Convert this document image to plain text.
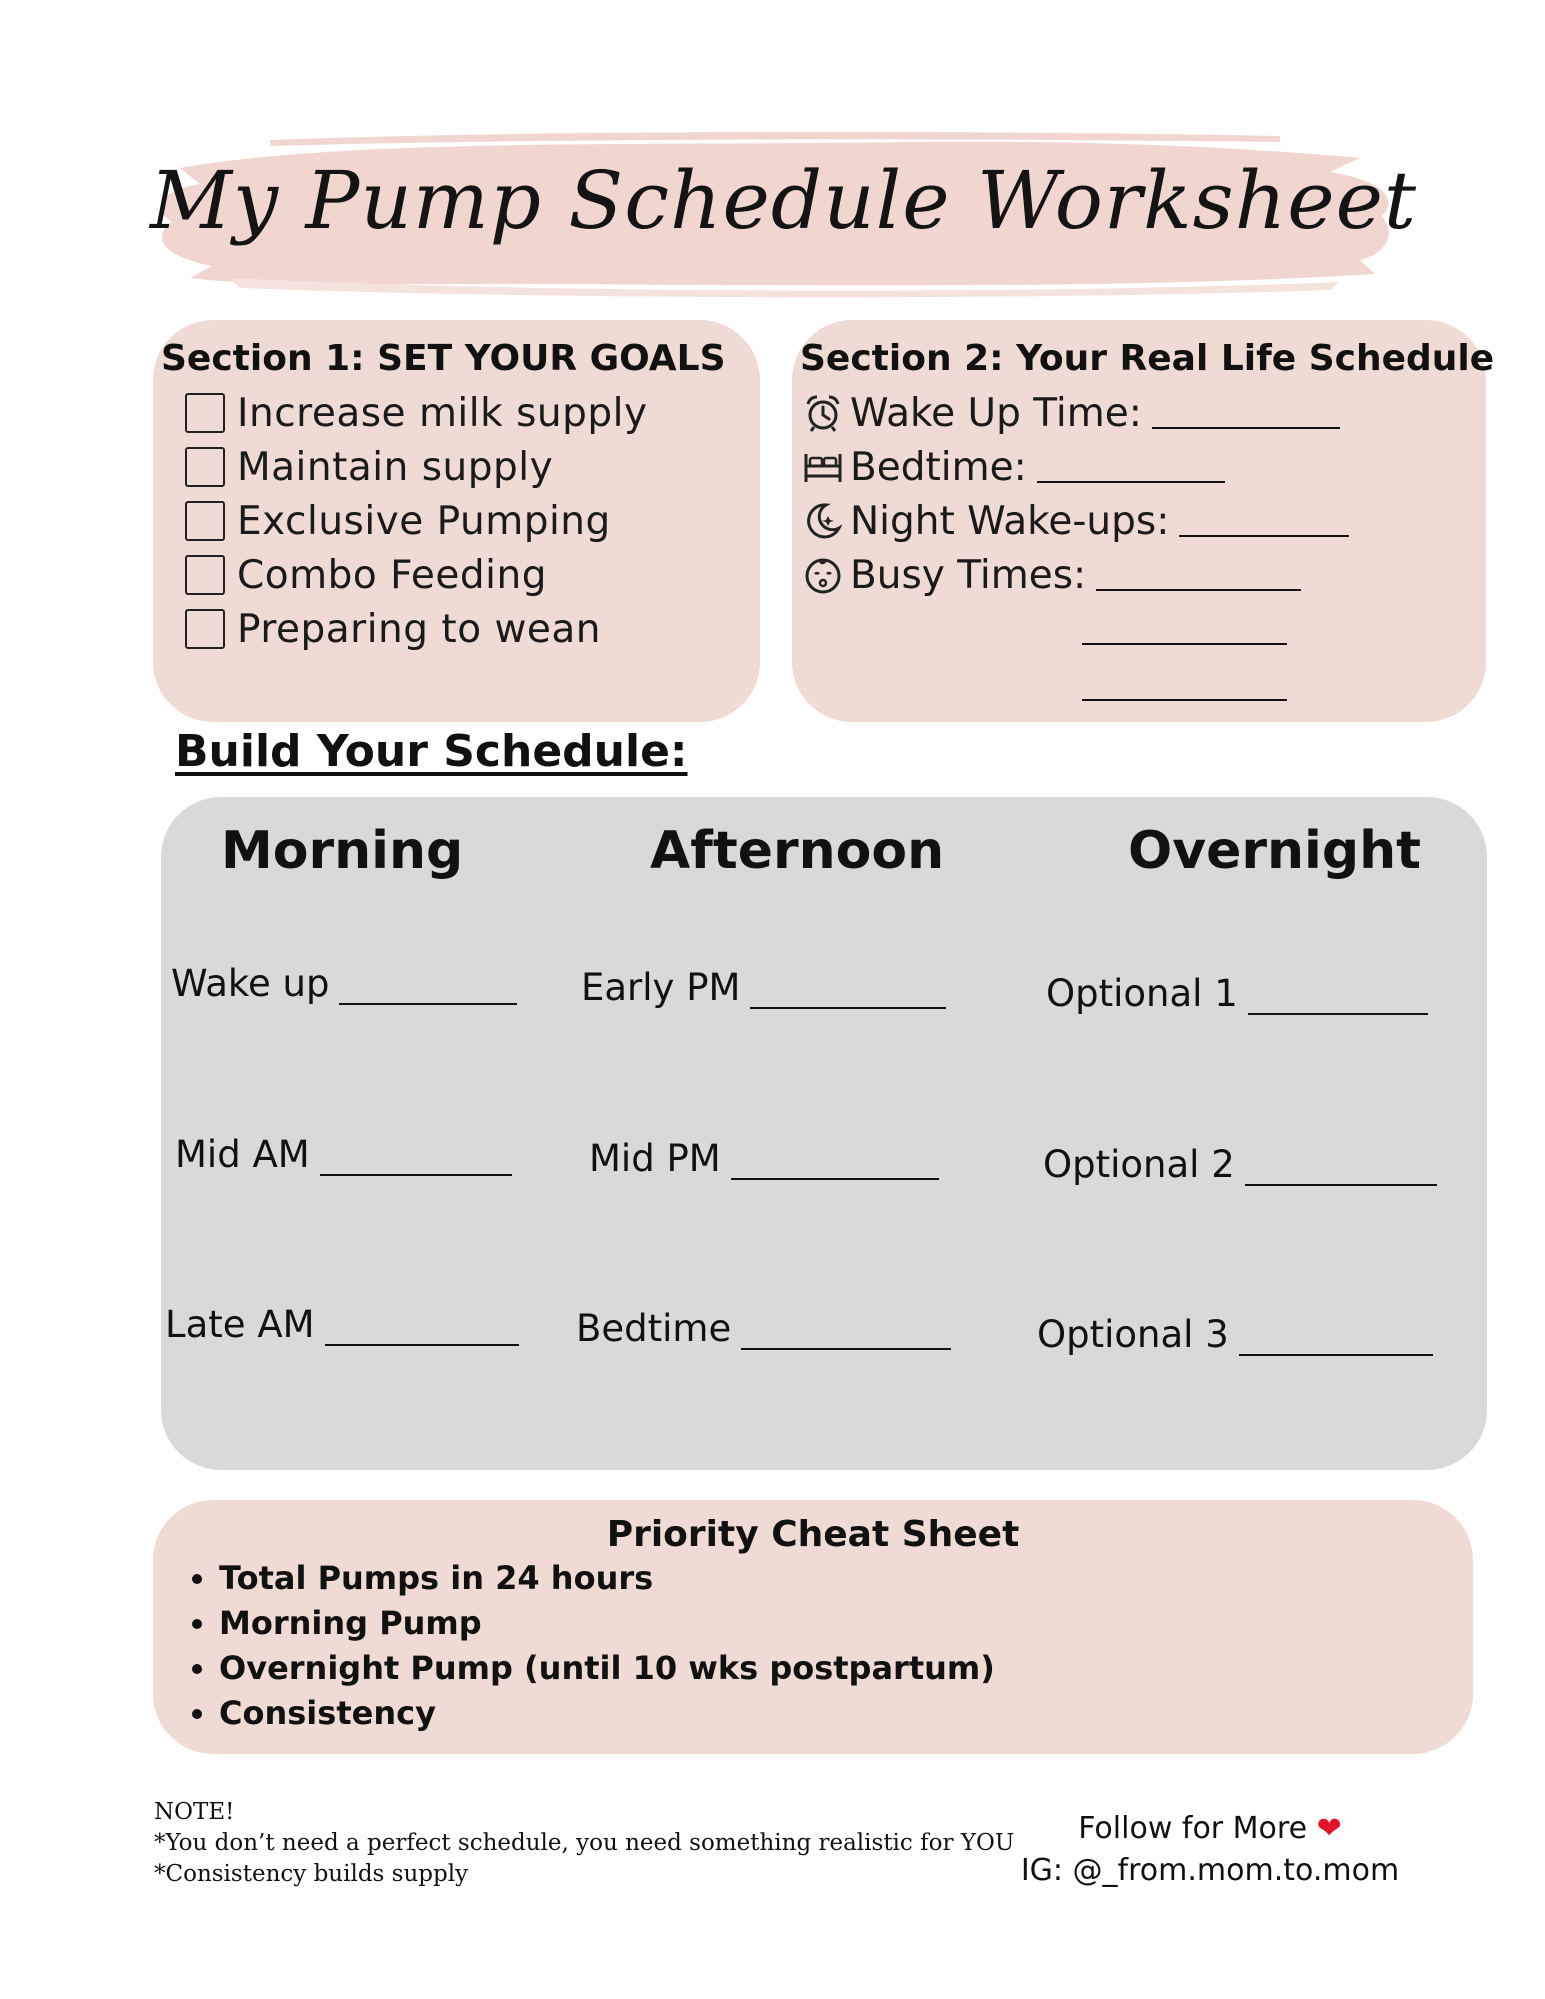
My Pump Schedule Worksheet
Section 1: SET YOUR GOALS
Increase milk supply
Maintain supply
Exclusive Pumping
Combo Feeding
Preparing to wean
Section 2: Your Real Life Schedule
Wake Up Time:
Bedtime:
Night Wake-ups:
Busy Times:
Build Your Schedule:
Morning	Afternoon	Overnight
Wake up
Mid AM
Late AM
Early PM
Mid PM
Bedtime
Optional 1
Optional 2
Optional 3
Priority Cheat Sheet
• Total Pumps in 24 hours
• Morning Pump
• Overnight Pump (until 10 wks postpartum)
• Consistency
NOTE!
*You don’t need a perfect schedule, you need something realistic for YOU
*Consistency builds supply
Follow for More ❤
IG: @_from.mom.to.mom
